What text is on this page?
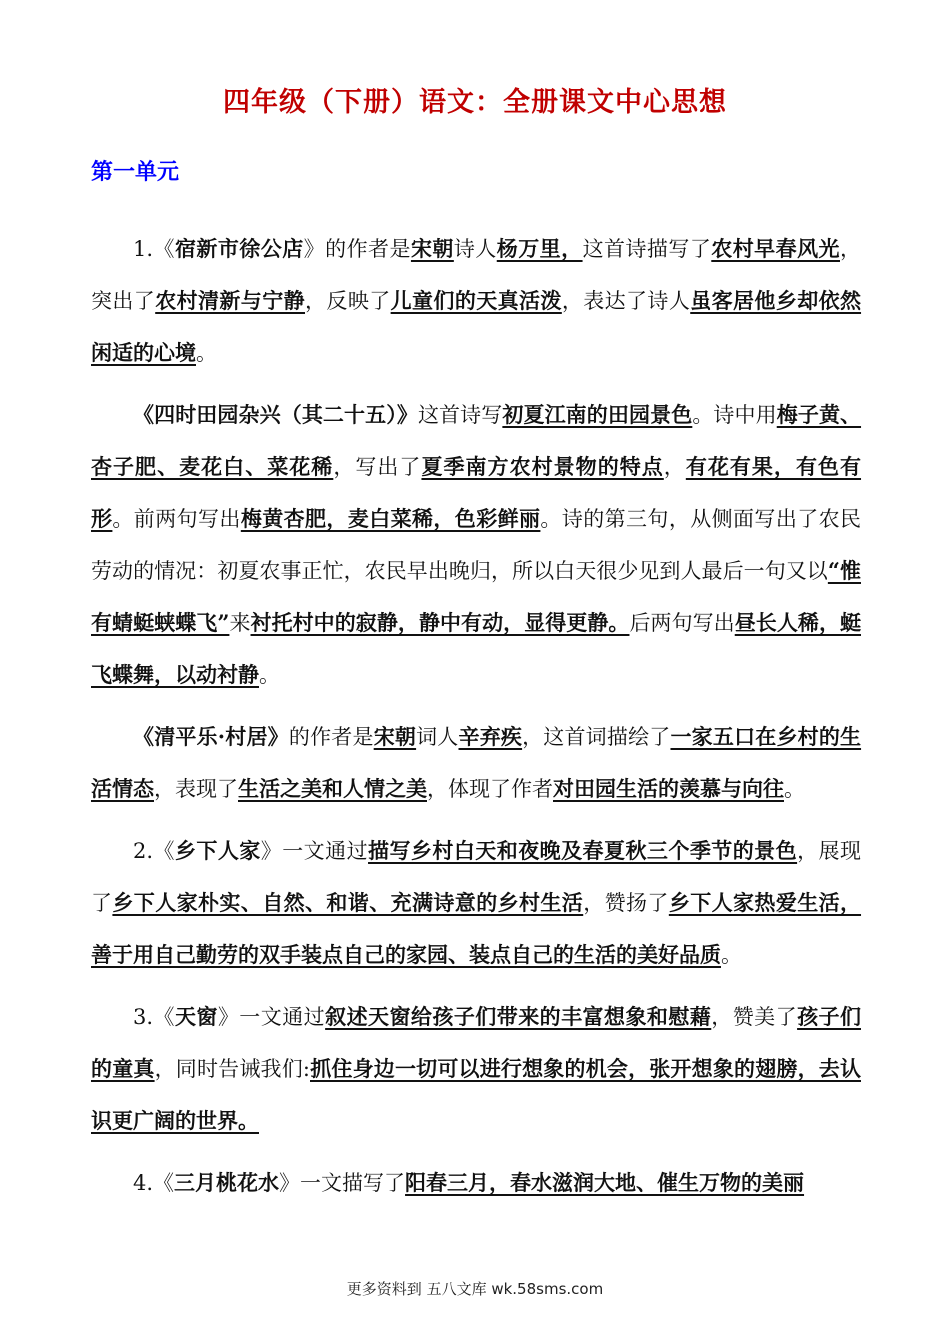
四年级（下册）语文：全册课文中心思想
第一单元

1.《宿新市徐公店》的作者是宋朝诗人杨万里，这首诗描写了农村早春风光，突出了农村清新与宁静，反映了儿童们的天真活泼，表达了诗人虽客居他乡却依然闲适的心境。

《四时田园杂兴（其二十五）》这首诗写初夏江南的田园景色。诗中用梅子黄、杏子肥、麦花白、菜花稀，写出了夏季南方农村景物的特点，有花有果，有色有形。前两句写出梅黄杏肥，麦白菜稀，色彩鲜丽。诗的第三句，从侧面写出了农民劳动的情况：初夏农事正忙，农民早出晚归，所以白天很少见到人最后一句又以“惟有蜻蜓蛱蝶飞”来衬托村中的寂静，静中有动，显得更静。后两句写出昼长人稀，蜓飞蝶舞，以动衬静。

《清平乐·村居》的作者是宋朝词人辛弃疾，这首词描绘了一家五口在乡村的生活情态，表现了生活之美和人情之美，体现了作者对田园生活的羡慕与向往。

2.《乡下人家》一文通过描写乡村白天和夜晚及春夏秋三个季节的景色，展现了乡下人家朴实、自然、和谐、充满诗意的乡村生活，赞扬了乡下人家热爱生活，善于用自己勤劳的双手装点自己的家园、装点自己的生活的美好品质。

3.《天窗》一文通过叙述天窗给孩子们带来的丰富想象和慰藉，赞美了孩子们的童真，同时告诫我们:抓住身边一切可以进行想象的机会，张开想象的翅膀，去认识更广阔的世界。

4.《三月桃花水》一文描写了阳春三月，春水滋润大地、催生万物的美丽

更多资料到 五八文库 wk.58sms.com
